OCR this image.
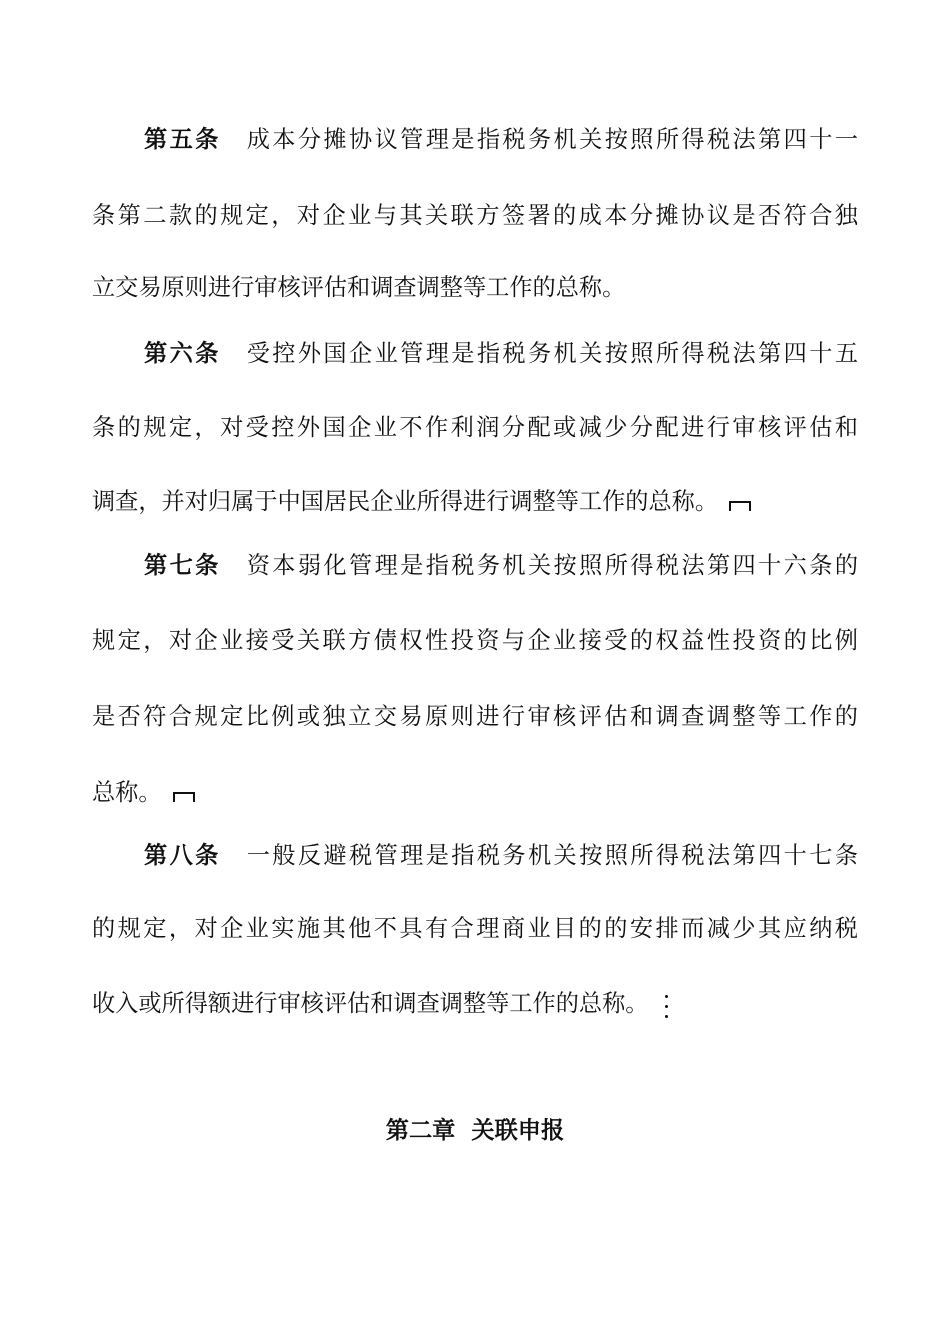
第五条 成本分摊协议管理是指税务机关按照所得税法第四十一
条第二款的规定，对企业与其关联方签署的成本分摊协议是否符合独
立交易原则进行审核评估和调查调整等工作的总称。
第六条 受控外国企业管理是指税务机关按照所得税法第四十五
条的规定，对受控外国企业不作利润分配或减少分配进行审核评估和
调查，并对归属于中国居民企业所得进行调整等工作的总称。
第七条 资本弱化管理是指税务机关按照所得税法第四十六条的
规定，对企业接受关联方债权性投资与企业接受的权益性投资的比例
是否符合规定比例或独立交易原则进行审核评估和调查调整等工作的
总称。
第八条 一般反避税管理是指税务机关按照所得税法第四十七条
的规定，对企业实施其他不具有合理商业目的的安排而减少其应纳税
收入或所得额进行审核评估和调查调整等工作的总称。
第二章 关联申报
